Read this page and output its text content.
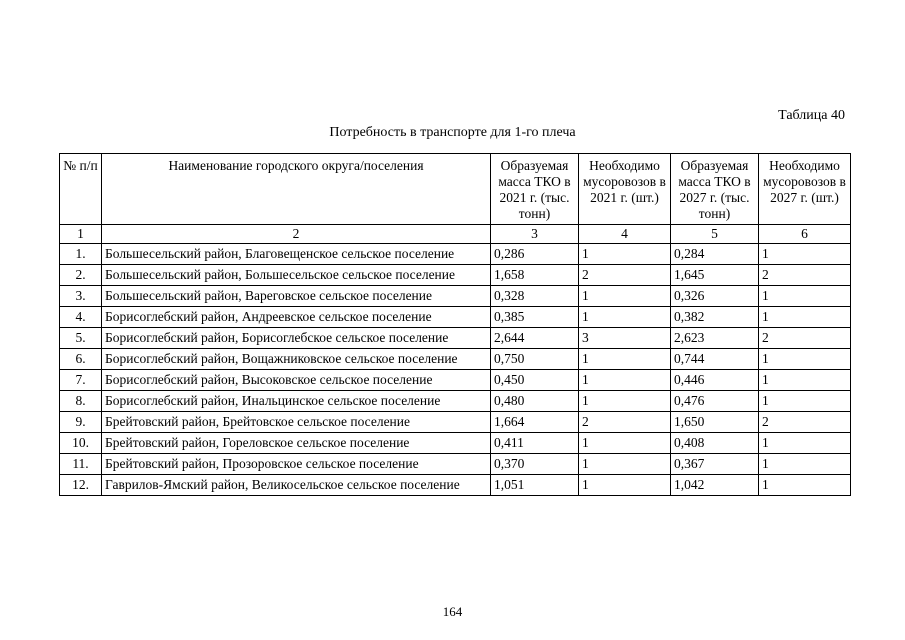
Таблица 40
Потребность в транспорте для 1-го плеча
№ п/п	Наименование городского округа/поселения	Образуемая масса ТКО в 2021 г. (тыс. тонн)	Необходимо мусоровозов в 2021 г. (шт.)	Образуемая масса ТКО в 2027 г. (тыс. тонн)	Необходимо мусоровозов в 2027 г. (шт.)
1	2	3	4	5	6
1.	Большесельский район, Благовещенское сельское поселение	0,286	1	0,284	1
2.	Большесельский район, Большесельское сельское поселение	1,658	2	1,645	2
3.	Большесельский район, Вареговское сельское поселение	0,328	1	0,326	1
4.	Борисоглебский район, Андреевское сельское поселение	0,385	1	0,382	1
5.	Борисоглебский район, Борисоглебское сельское поселение	2,644	3	2,623	2
6.	Борисоглебский район, Вощажниковское сельское поселение	0,750	1	0,744	1
7.	Борисоглебский район, Высоковское сельское поселение	0,450	1	0,446	1
8.	Борисоглебский район, Инальцинское сельское поселение	0,480	1	0,476	1
9.	Брейтовский район, Брейтовское сельское поселение	1,664	2	1,650	2
10.	Брейтовский район, Гореловское сельское поселение	0,411	1	0,408	1
11.	Брейтовский район, Прозоровское сельское поселение	0,370	1	0,367	1
12.	Гаврилов-Ямский район, Великосельское сельское поселение	1,051	1	1,042	1
164
